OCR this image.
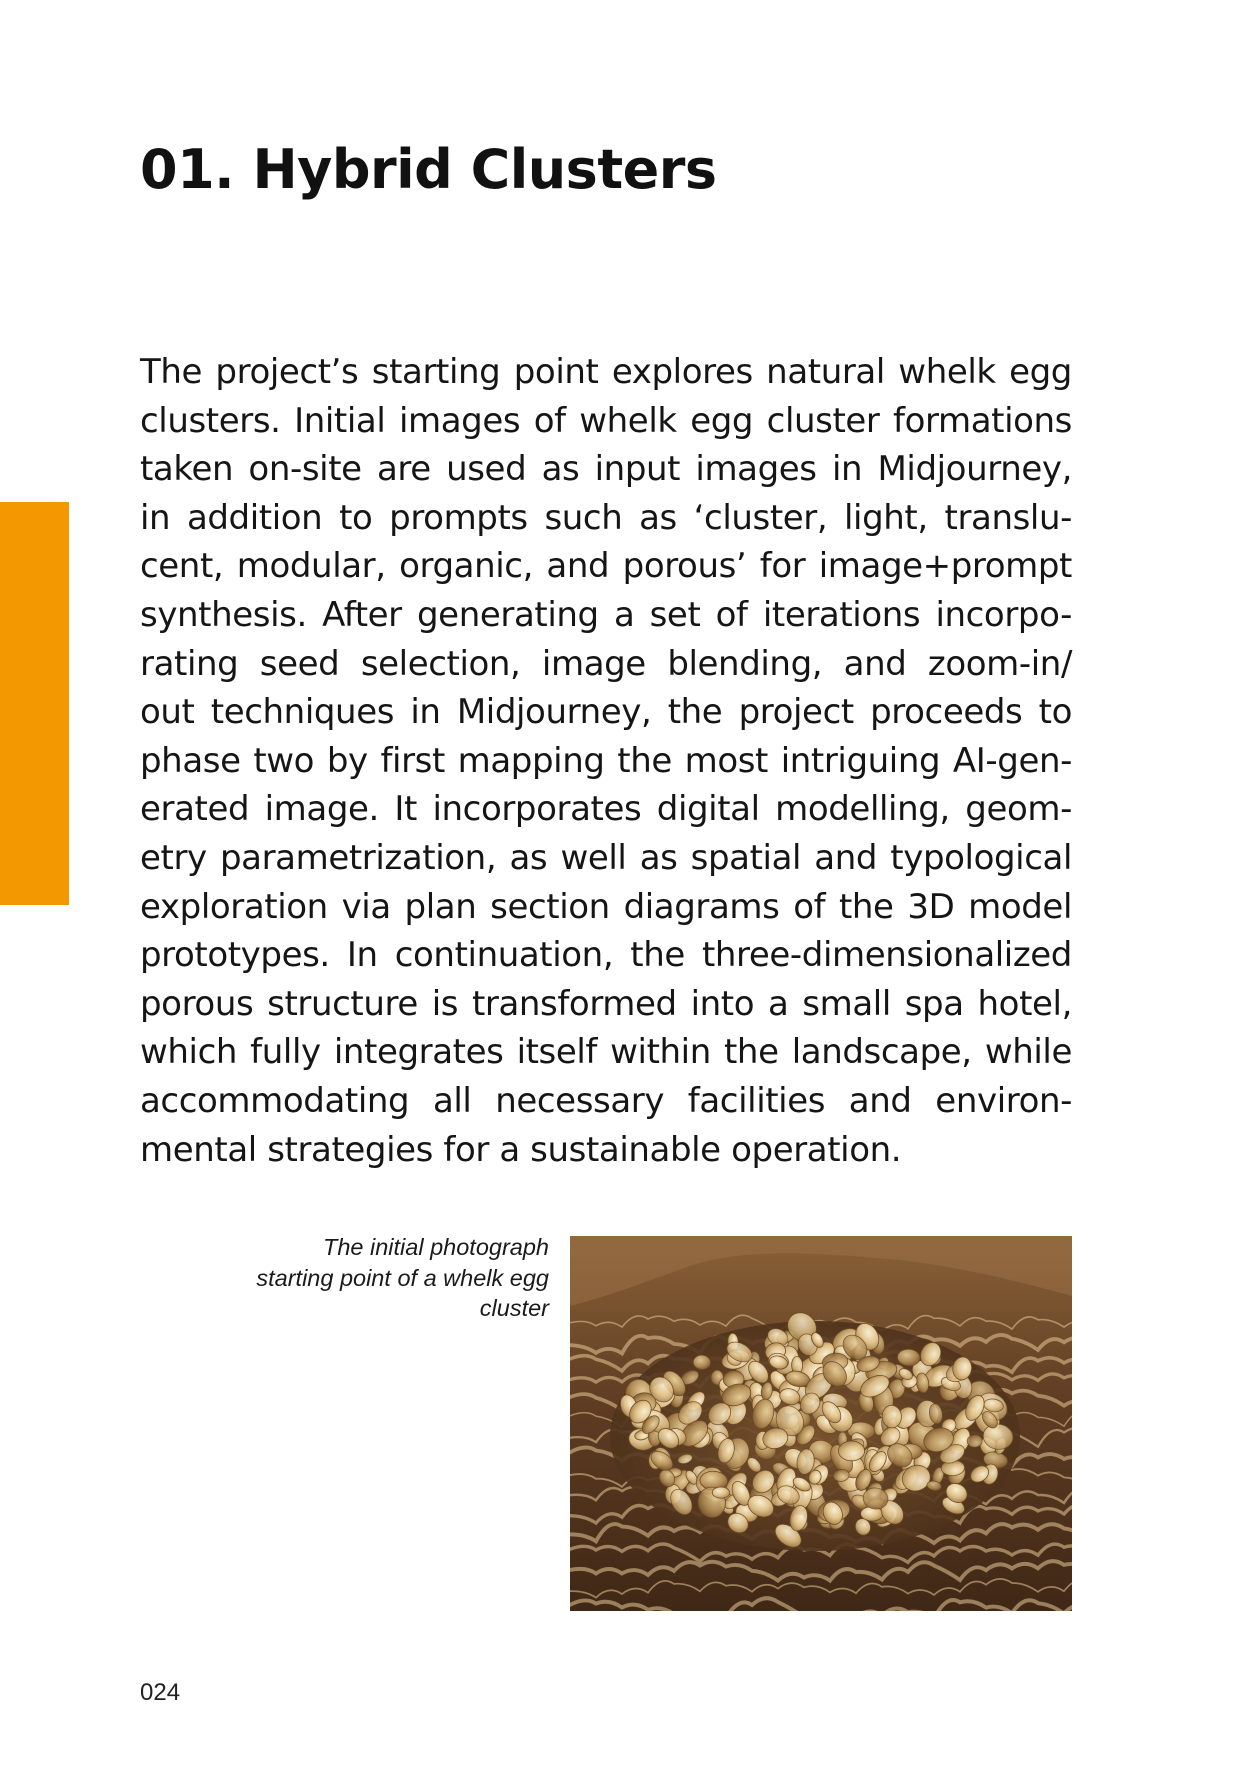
01. Hybrid Clusters
The project’s starting point explores natural whelk egg
clusters. Initial images of whelk egg cluster formations
taken on-site are used as input images in Midjourney,
in addition to prompts such as ‘cluster, light, translu-
cent, modular, organic, and porous’ for image+prompt
synthesis. After generating a set of iterations incorpo-
rating seed selection, image blending, and zoom-in/
out techniques in Midjourney, the project proceeds to
phase two by first mapping the most intriguing AI-gen-
erated image. It incorporates digital modelling, geom-
etry parametrization, as well as spatial and typological
exploration via plan section diagrams of the 3D model
prototypes. In continuation, the three-dimensionalized
porous structure is transformed into a small spa hotel,
which fully integrates itself within the landscape, while
accommodating all necessary facilities and environ-
mental strategies for a sustainable operation.
The initial photograph
starting point of a whelk egg
cluster
024
